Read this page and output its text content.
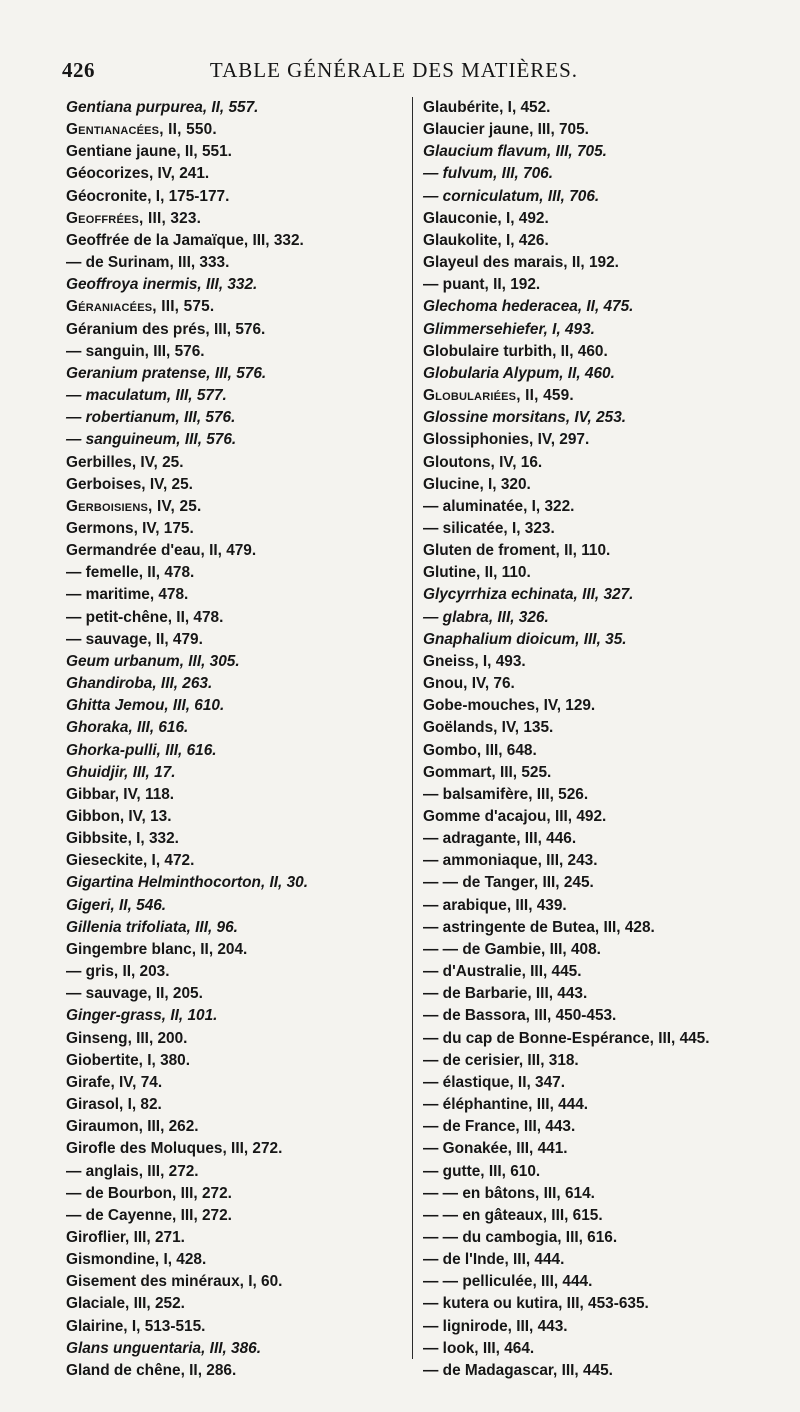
426	TABLE GÉNÉRALE DES MATIÈRES.
Gentiana purpurea, II, 557.
Gentianacées, II, 550.
Gentiane jaune, II, 551.
Géocorizes, IV, 241.
Géocronite, I, 175-177.
Geoffrées, III, 323.
Geoffrée de la Jamaïque, III, 332.
— de Surinam, III, 333.
Geoffroya inermis, III, 332.
Géraniacées, III, 575.
Géranium des prés, III, 576.
— sanguin, III, 576.
Geranium pratense, III, 576.
— maculatum, III, 577.
— robertianum, III, 576.
— sanguineum, III, 576.
Gerbilles, IV, 25.
Gerboises, IV, 25.
Gerboisiens, IV, 25.
Germons, IV, 175.
Germandrée d'eau, II, 479.
— femelle, II, 478.
— maritime, 478.
— petit-chêne, II, 478.
— sauvage, II, 479.
Geum urbanum, III, 305.
Ghandiroba, III, 263.
Ghitta Jemou, III, 610.
Ghoraka, III, 616.
Ghorka-pulli, III, 616.
Ghuidjir, III, 17.
Gibbar, IV, 118.
Gibbon, IV, 13.
Gibbsite, I, 332.
Gieseckite, I, 472.
Gigartina Helminthocorton, II, 30.
Gigeri, II, 546.
Gillenia trifoliata, III, 96.
Gingembre blanc, II, 204.
— gris, II, 203.
— sauvage, II, 205.
Ginger-grass, II, 101.
Ginseng, III, 200.
Giobertite, I, 380.
Girafe, IV, 74.
Girasol, I, 82.
Giraumon, III, 262.
Girofle des Moluques, III, 272.
— anglais, III, 272.
— de Bourbon, III, 272.
— de Cayenne, III, 272.
Giroflier, III, 271.
Gismondine, I, 428.
Gisement des minéraux, I, 60.
Glaciale, III, 252.
Glairine, I, 513-515.
Glans unguentaria, III, 386.
Gland de chêne, II, 286.
Glaubérite, I, 452.
Glaucier jaune, III, 705.
Glaucium flavum, III, 705.
— fulvum, III, 706.
— corniculatum, III, 706.
Glauconie, I, 492.
Glaukolite, I, 426.
Glayeul des marais, II, 192.
— puant, II, 192.
Glechoma hederacea, II, 475.
Glimmersehiefer, I, 493.
Globulaire turbith, II, 460.
Globularia Alypum, II, 460.
Globulariées, II, 459.
Glossine morsitans, IV, 253.
Glossiphonies, IV, 297.
Gloutons, IV, 16.
Glucine, I, 320.
— aluminatée, I, 322.
— silicatée, I, 323.
Gluten de froment, II, 110.
Glutine, II, 110.
Glycyrrhiza echinata, III, 327.
— glabra, III, 326.
Gnaphalium dioicum, III, 35.
Gneiss, I, 493.
Gnou, IV, 76.
Gobe-mouches, IV, 129.
Goëlands, IV, 135.
Gombo, III, 648.
Gommart, III, 525.
— balsamifère, III, 526.
Gomme d'acajou, III, 492.
— adragante, III, 446.
— ammoniaque, III, 243.
— — de Tanger, III, 245.
— arabique, III, 439.
— astringente de Butea, III, 428.
— — de Gambie, III, 408.
— d'Australie, III, 445.
— de Barbarie, III, 443.
— de Bassora, III, 450-453.
— du cap de Bonne-Espérance, III, 445.
— de cerisier, III, 318.
— élastique, II, 347.
— éléphantine, III, 444.
— de France, III, 443.
— Gonakée, III, 441.
— gutte, III, 610.
— — en bâtons, III, 614.
— — en gâteaux, III, 615.
— — du cambogia, III, 616.
— de l'Inde, III, 444.
— — pelliculée, III, 444.
— kutera ou kutira, III, 453-635.
— lignirode, III, 443.
— look, III, 464.
— de Madagascar, III, 445.
